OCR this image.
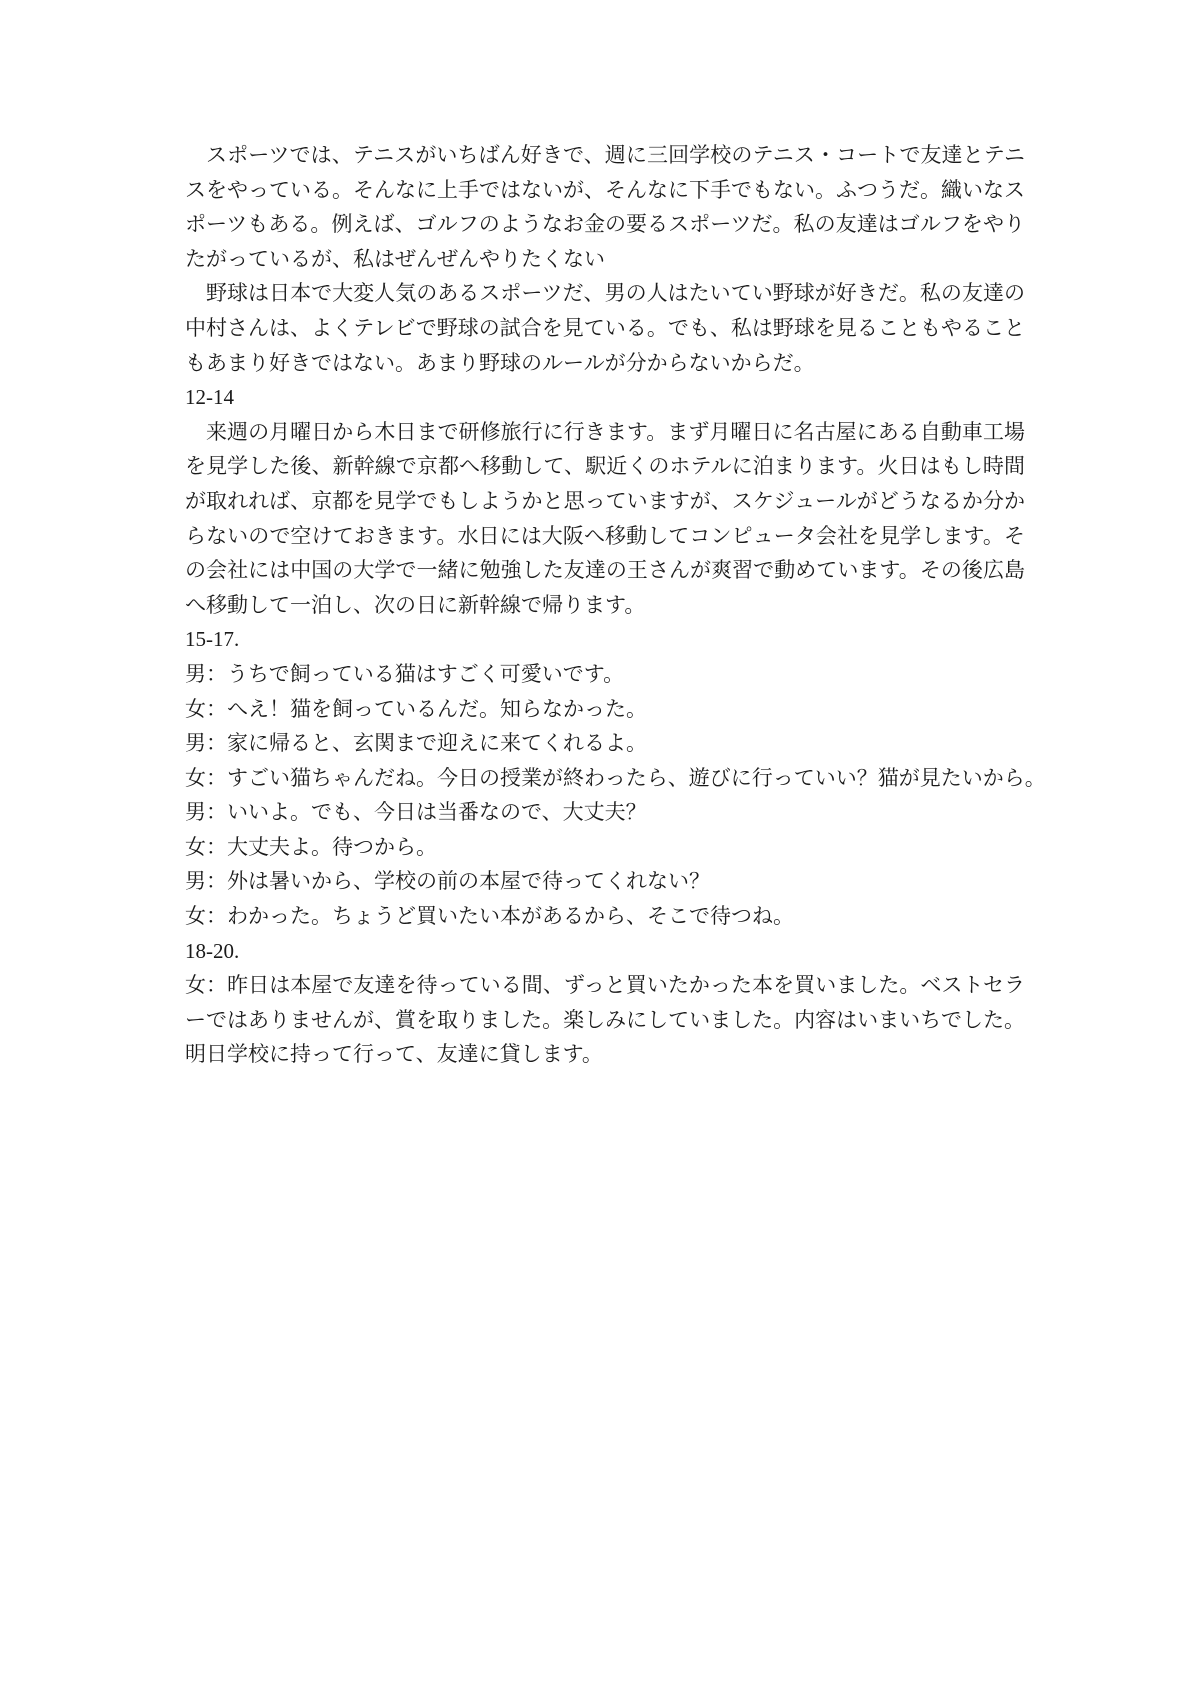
スポーツでは、テニスがいちばん好きで、週に三回学校のテニス・コートで友達とテニスをやっている。そんなに上手ではないが、そんなに下手でもない。ふつうだ。織いなスポーツもある。例えば、ゴルフのようなお金の要るスポーツだ。私の友達はゴルフをやりたがっているが、私はぜんぜんやりたくない

野球は日本で大変人気のあるスポーツだ、男の人はたいてい野球が好きだ。私の友達の中村さんは、よくテレビで野球の試合を見ている。でも、私は野球を見ることもやることもあまり好きではない。あまり野球のルールが分からないからだ。

12-14

来週の月曜日から木日まで研修旅行に行きます。まず月曜日に名古屋にある自動車工場を見学した後、新幹線で京都へ移動して、駅近くのホテルに泊まります。火日はもし時間が取れれば、京都を見学でもしようかと思っていますが、スケジュールがどうなるか分からないので空けておきます。水日には大阪へ移動してコンピュータ会社を見学します。その会社には中国の大学で一緒に勉強した友達の王さんが爽習で動めています。その後広島へ移動して一泊し、次の日に新幹線で帰ります。

15-17.

男：うちで飼っている猫はすごく可愛いです。

女：へえ！猫を飼っているんだ。知らなかった。

男：家に帰ると、玄関まで迎えに来てくれるよ。

女：すごい猫ちゃんだね。今日の授業が終わったら、遊びに行っていい？猫が見たいから。

男：いいよ。でも、今日は当番なので、大丈夫？

女：大丈夫よ。待つから。

男：外は暑いから、学校の前の本屋で待ってくれない？

女：わかった。ちょうど買いたい本があるから、そこで待つね。

18-20.

女：昨日は本屋で友達を待っている間、ずっと買いたかった本を買いました。ベストセラーではありませんが、賞を取りました。楽しみにしていました。内容はいまいちでした。明日学校に持って行って、友達に貸します。
